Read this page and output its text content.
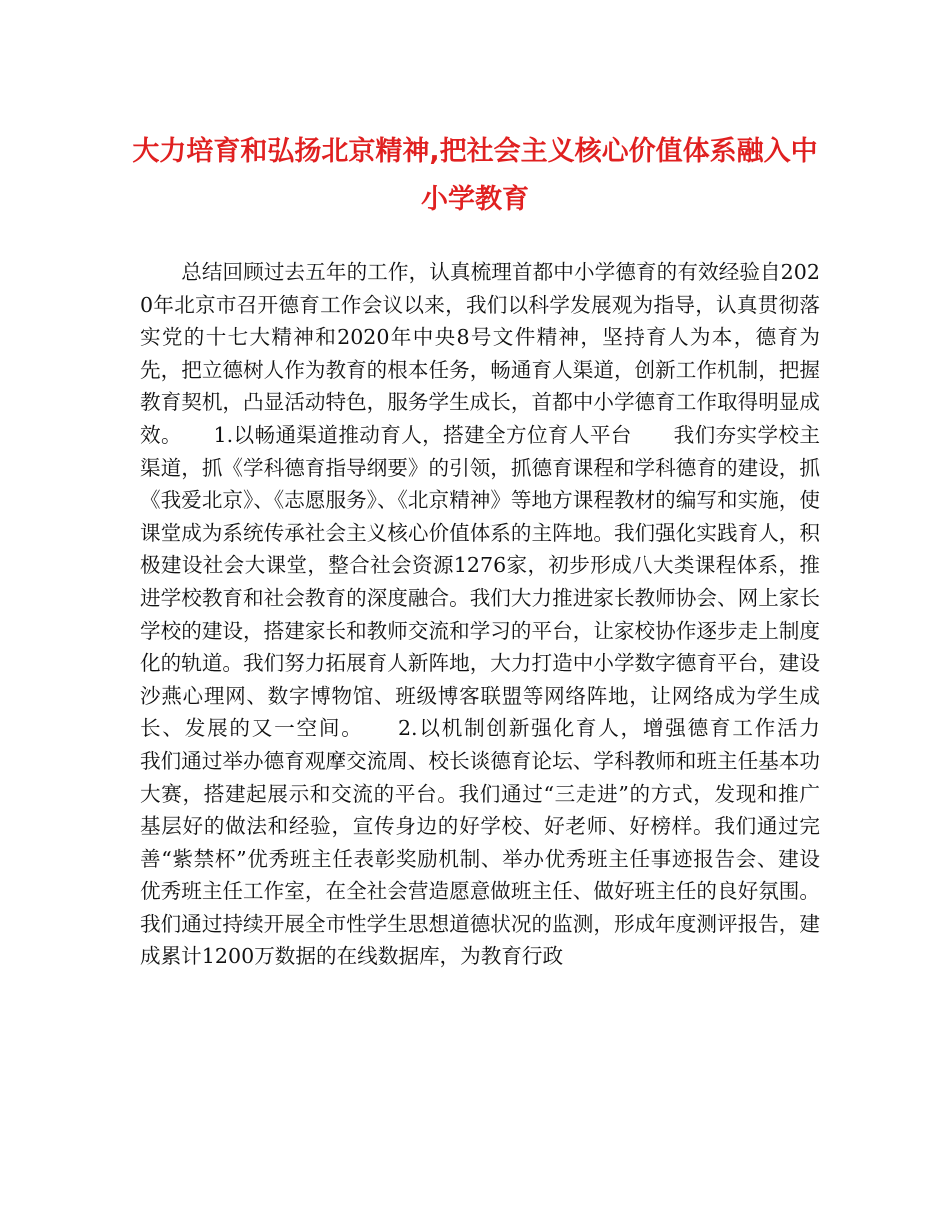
大力培育和弘扬北京精神,把社会主义核心价值体系融入中小学教育

总结回顾过去五年的工作，认真梳理首都中小学德育的有效经验自2020年北京市召开德育工作会议以来，我们以科学发展观为指导，认真贯彻落实党的十七大精神和2020年中央8号文件精神，坚持育人为本，德育为先，把立德树人作为教育的根本任务，畅通育人渠道，创新工作机制，把握教育契机，凸显活动特色，服务学生成长，首都中小学德育工作取得明显成效。　　1.以畅通渠道推动育人，搭建全方位育人平台　　我们夯实学校主渠道，抓《学科德育指导纲要》的引领，抓德育课程和学科德育的建设，抓《我爱北京》、《志愿服务》、《北京精神》等地方课程教材的编写和实施，使课堂成为系统传承社会主义核心价值体系的主阵地。我们强化实践育人，积极建设社会大课堂，整合社会资源1276家，初步形成八大类课程体系，推进学校教育和社会教育的深度融合。我们大力推进家长教师协会、网上家长学校的建设，搭建家长和教师交流和学习的平台，让家校协作逐步走上制度化的轨道。我们努力拓展育人新阵地，大力打造中小学数字德育平台，建设沙燕心理网、数字博物馆、班级博客联盟等网络阵地，让网络成为学生成长、发展的又一空间。　　2.以机制创新强化育人，增强德育工作活力　　我们通过举办德育观摩交流周、校长谈德育论坛、学科教师和班主任基本功大赛，搭建起展示和交流的平台。我们通过“三走进”的方式，发现和推广基层好的做法和经验，宣传身边的好学校、好老师、好榜样。我们通过完善“紫禁杯”优秀班主任表彰奖励机制、举办优秀班主任事迹报告会、建设优秀班主任工作室，在全社会营造愿意做班主任、做好班主任的良好氛围。我们通过持续开展全市性学生思想道德状况的监测，形成年度测评报告，建成累计1200万数据的在线数据库，为教育行政
